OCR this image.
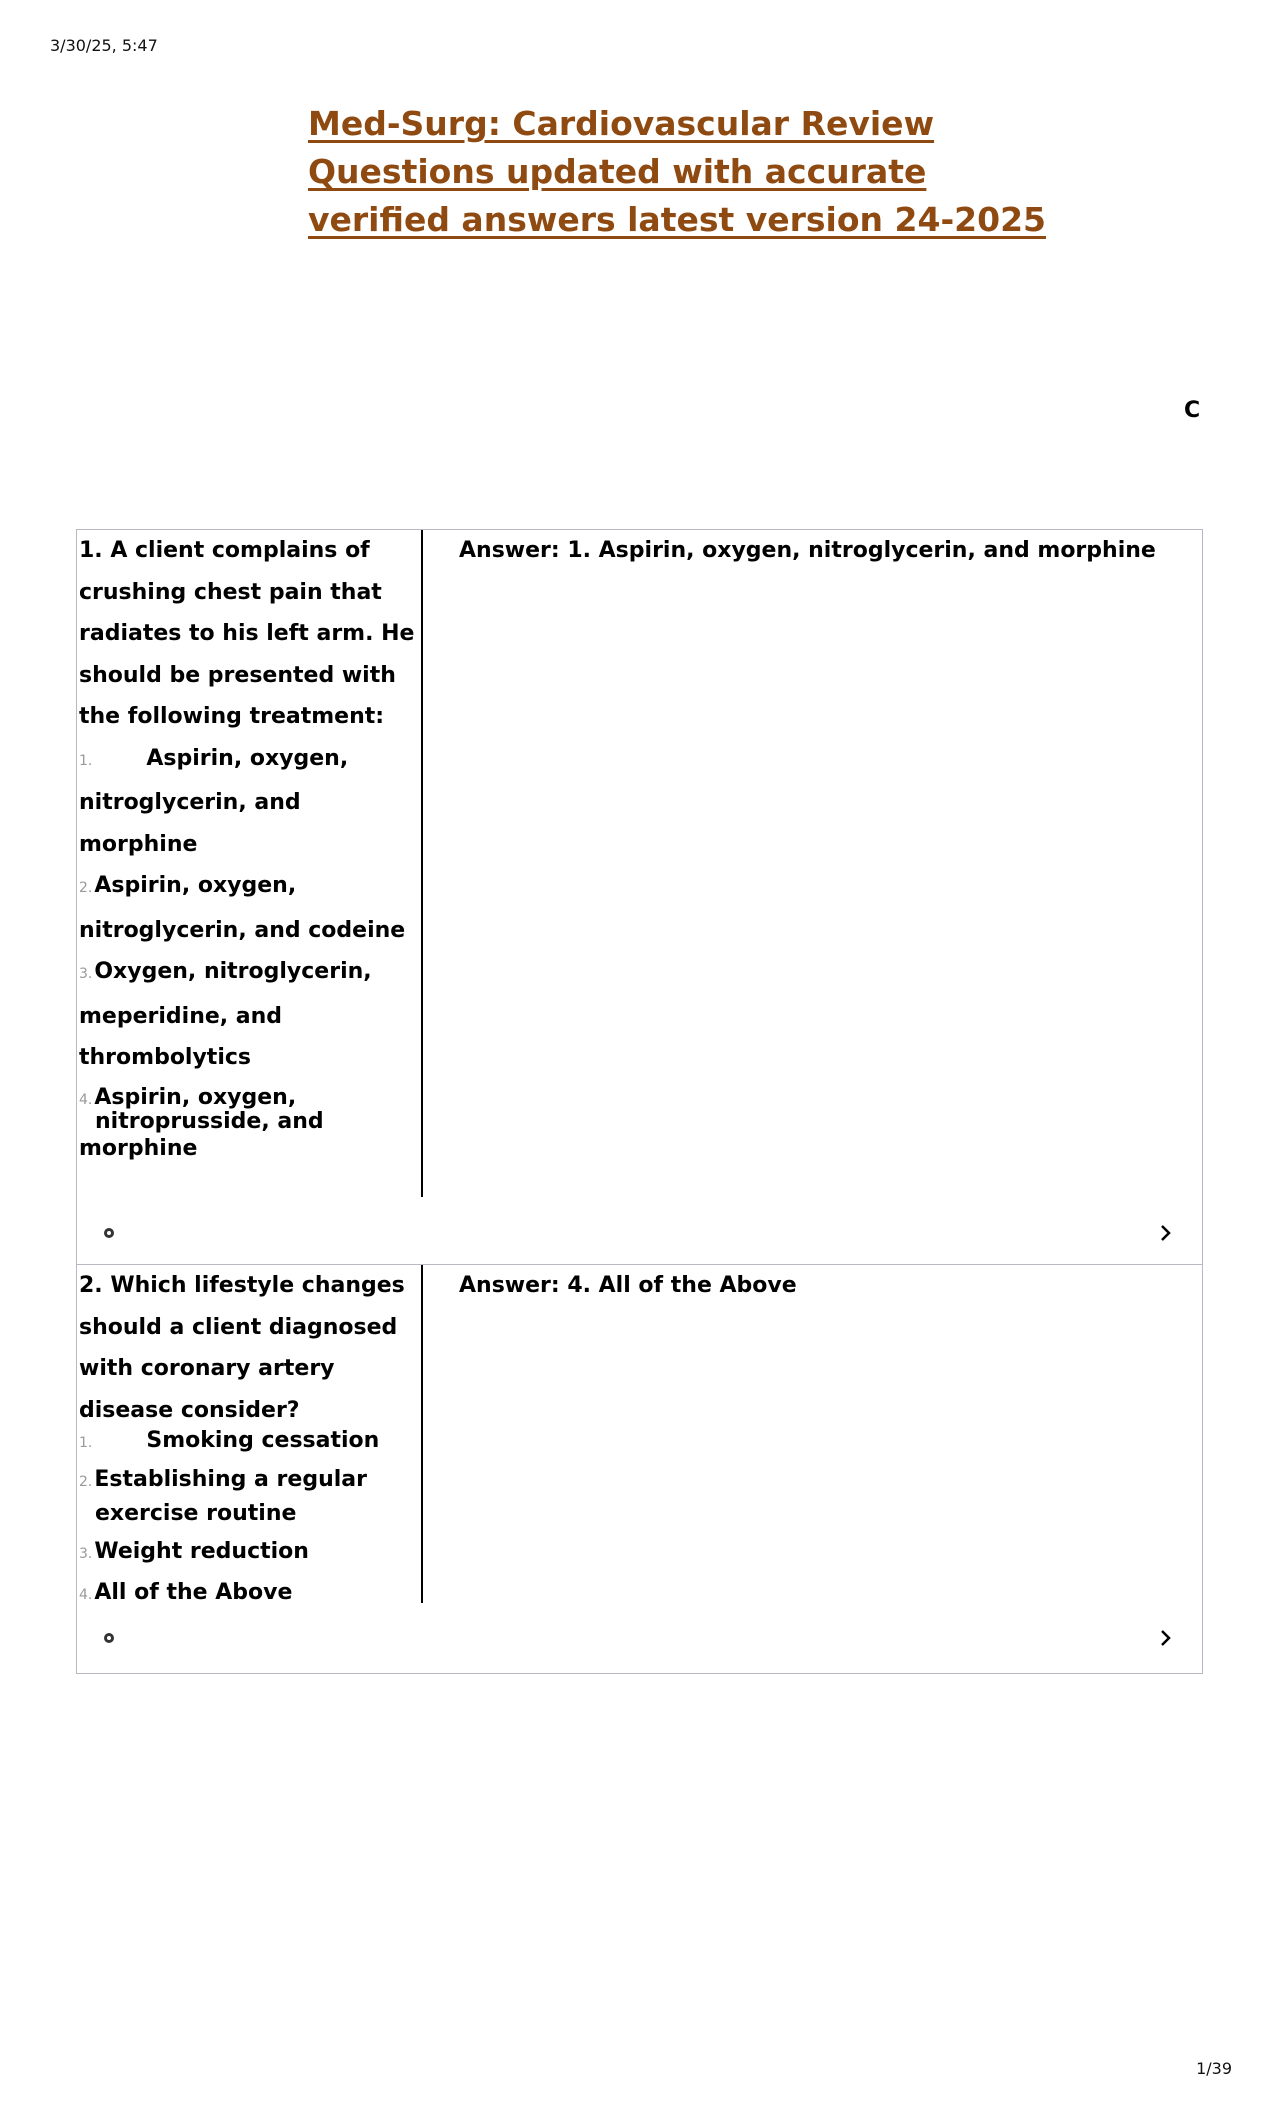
3/30/25, 5:47
Med-Surg: Cardiovascular Review Questions updated with accurate verified answers latest version 24-2025
C

1. A client complains of crushing chest pain that radiates to his left arm. He should be presented with the following treatment:

1. Aspirin, oxygen, nitroglycerin, and morphine

2.Aspirin, oxygen, nitroglycerin, and codeine

3.Oxygen, nitroglycerin, meperidine, and thrombolytics

4.Aspirin, oxygen,
nitroprusside, and

morphine

Answer: 1. Aspirin, oxygen, nitroglycerin, and morphine

2. Which lifestyle changes should a client diagnosed with coronary artery disease consider?

1. Smoking cessation

2.Establishing a regular
exercise routine

3.Weight reduction

4.All of the Above

Answer: 4. All of the Above
1/39
